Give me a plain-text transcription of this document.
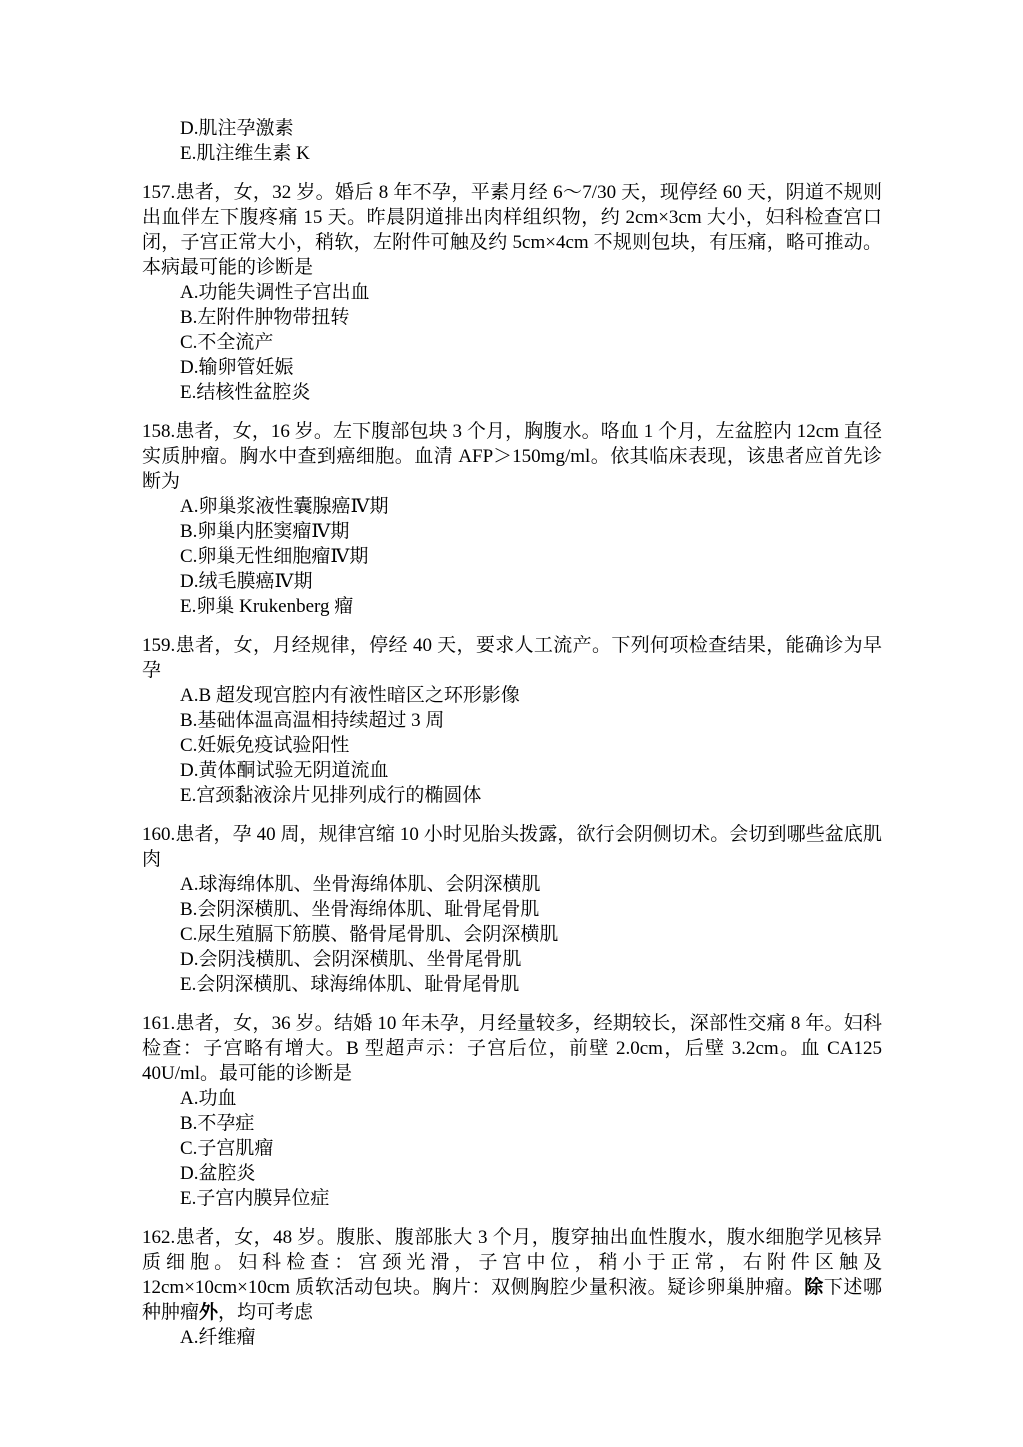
D.肌注孕激素

E.肌注维生素 K

157.患者，女，32 岁。婚后 8 年不孕，平素月经 6～7/30 天，现停经 60 天，阴道不规则出血伴左下腹疼痛 15 天。昨晨阴道排出肉样组织物，约 2cm×3cm 大小，妇科检查宫口闭，子宫正常大小，稍软，左附件可触及约 5cm×4cm 不规则包块，有压痛，略可推动。本病最可能的诊断是

A.功能失调性子宫出血

B.左附件肿物带扭转

C.不全流产

D.输卵管妊娠

E.结核性盆腔炎

158.患者，女，16 岁。左下腹部包块 3 个月，胸腹水。咯血 1 个月，左盆腔内 12cm 直径实质肿瘤。胸水中查到癌细胞。血清 AFP＞150mg/ml。依其临床表现，该患者应首先诊断为

A.卵巢浆液性囊腺癌Ⅳ期

B.卵巢内胚窦瘤Ⅳ期

C.卵巢无性细胞瘤Ⅳ期

D.绒毛膜癌Ⅳ期

E.卵巢 Krukenberg 瘤

159.患者，女，月经规律，停经 40 天，要求人工流产。下列何项检查结果，能确诊为早孕

A.B 超发现宫腔内有液性暗区之环形影像

B.基础体温高温相持续超过 3 周

C.妊娠免疫试验阳性

D.黄体酮试验无阴道流血

E.宫颈黏液涂片见排列成行的椭圆体

160.患者，孕 40 周，规律宫缩 10 小时见胎头拨露，欲行会阴侧切术。会切到哪些盆底肌肉

A.球海绵体肌、坐骨海绵体肌、会阴深横肌

B.会阴深横肌、坐骨海绵体肌、耻骨尾骨肌

C.尿生殖膈下筋膜、骼骨尾骨肌、会阴深横肌

D.会阴浅横肌、会阴深横肌、坐骨尾骨肌

E.会阴深横肌、球海绵体肌、耻骨尾骨肌

161.患者，女，36 岁。结婚 10 年未孕，月经量较多，经期较长，深部性交痛 8 年。妇科检查：子宫略有增大。B 型超声示：子宫后位，前壁 2.0cm，后壁 3.2cm。血 CA125 40U/ml。最可能的诊断是

A.功血

B.不孕症

C.子宫肌瘤

D.盆腔炎

E.子宫内膜异位症

162.患者，女，48 岁。腹胀、腹部胀大 3 个月，腹穿抽出血性腹水，腹水细胞学见核异质细胞。妇科检查：宫颈光滑，子宫中位，稍小于正常，右附件区触及 12cm×10cm×10cm 质软活动包块。胸片：双侧胸腔少量积液。疑诊卵巢肿瘤。除下述哪种肿瘤外，均可考虑

A.纤维瘤
